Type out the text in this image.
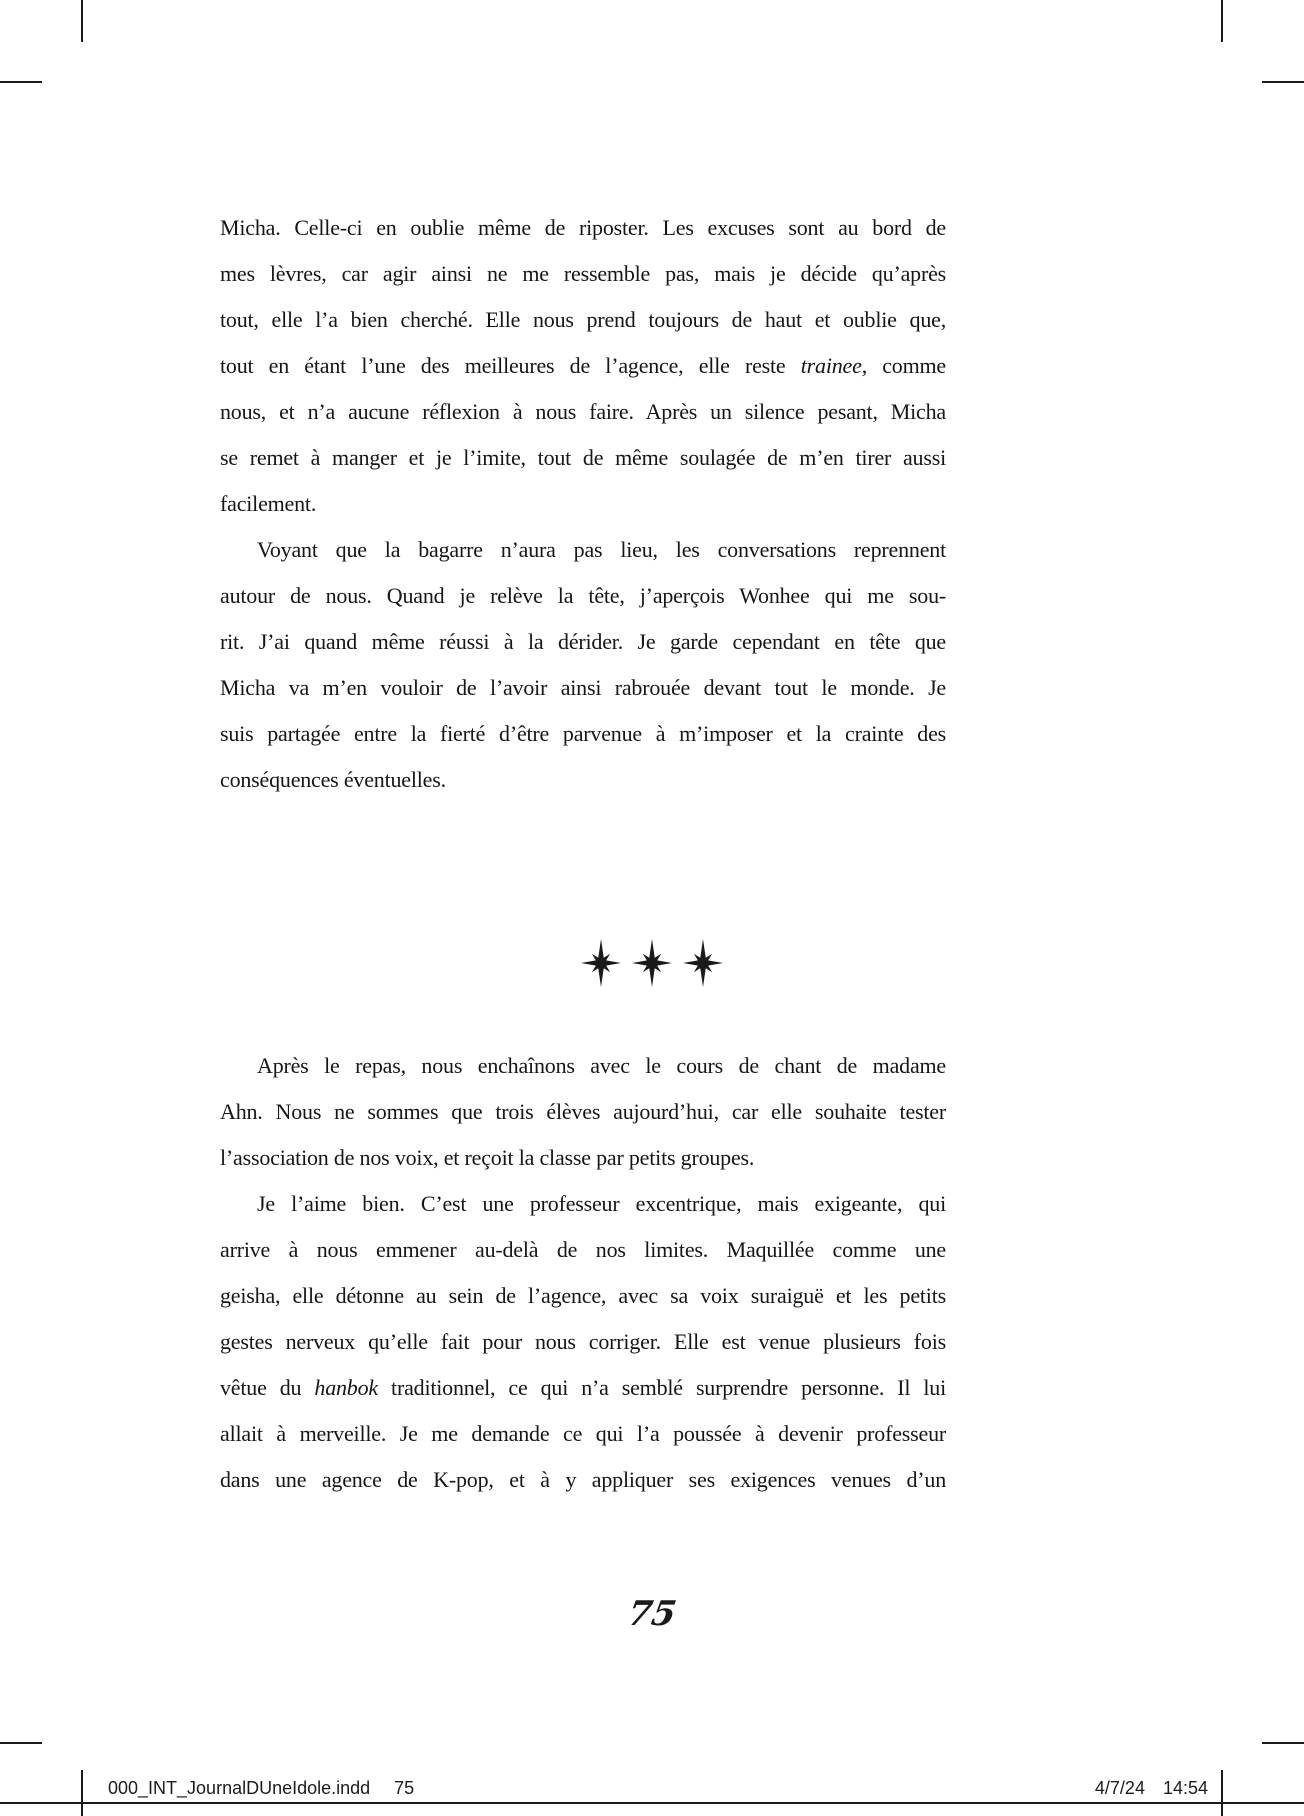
Micha. Celle-ci en oublie même de riposter. Les excuses sont au bord de
mes lèvres, car agir ainsi ne me ressemble pas, mais je décide qu’après
tout, elle l’a bien cherché. Elle nous prend toujours de haut et oublie que,
tout en étant l’une des meilleures de l’agence, elle reste trainee, comme
nous, et n’a aucune réflexion à nous faire. Après un silence pesant, Micha
se remet à manger et je l’imite, tout de même soulagée de m’en tirer aussi
facilement.
Voyant que la bagarre n’aura pas lieu, les conversations reprennent
autour de nous. Quand je relève la tête, j’aperçois Wonhee qui me sou-
rit. J’ai quand même réussi à la dérider. Je garde cependant en tête que
Micha va m’en vouloir de l’avoir ainsi rabrouée devant tout le monde. Je
suis partagée entre la fierté d’être parvenue à m’imposer et la crainte des
conséquences éventuelles.
Après le repas, nous enchaînons avec le cours de chant de madame
Ahn. Nous ne sommes que trois élèves aujourd’hui, car elle souhaite tester
l’association de nos voix, et reçoit la classe par petits groupes.
Je l’aime bien. C’est une professeur excentrique, mais exigeante, qui
arrive à nous emmener au-delà de nos limites. Maquillée comme une
geisha, elle détonne au sein de l’agence, avec sa voix suraiguë et les petits
gestes nerveux qu’elle fait pour nous corriger. Elle est venue plusieurs fois
vêtue du hanbok traditionnel, ce qui n’a semblé surprendre personne. Il lui
allait à merveille. Je me demande ce qui l’a poussée à devenir professeur
dans une agence de K-pop, et à y appliquer ses exigences venues d’un
75
000_INT_JournalDUneIdole.indd 75	4/7/24 14:54
